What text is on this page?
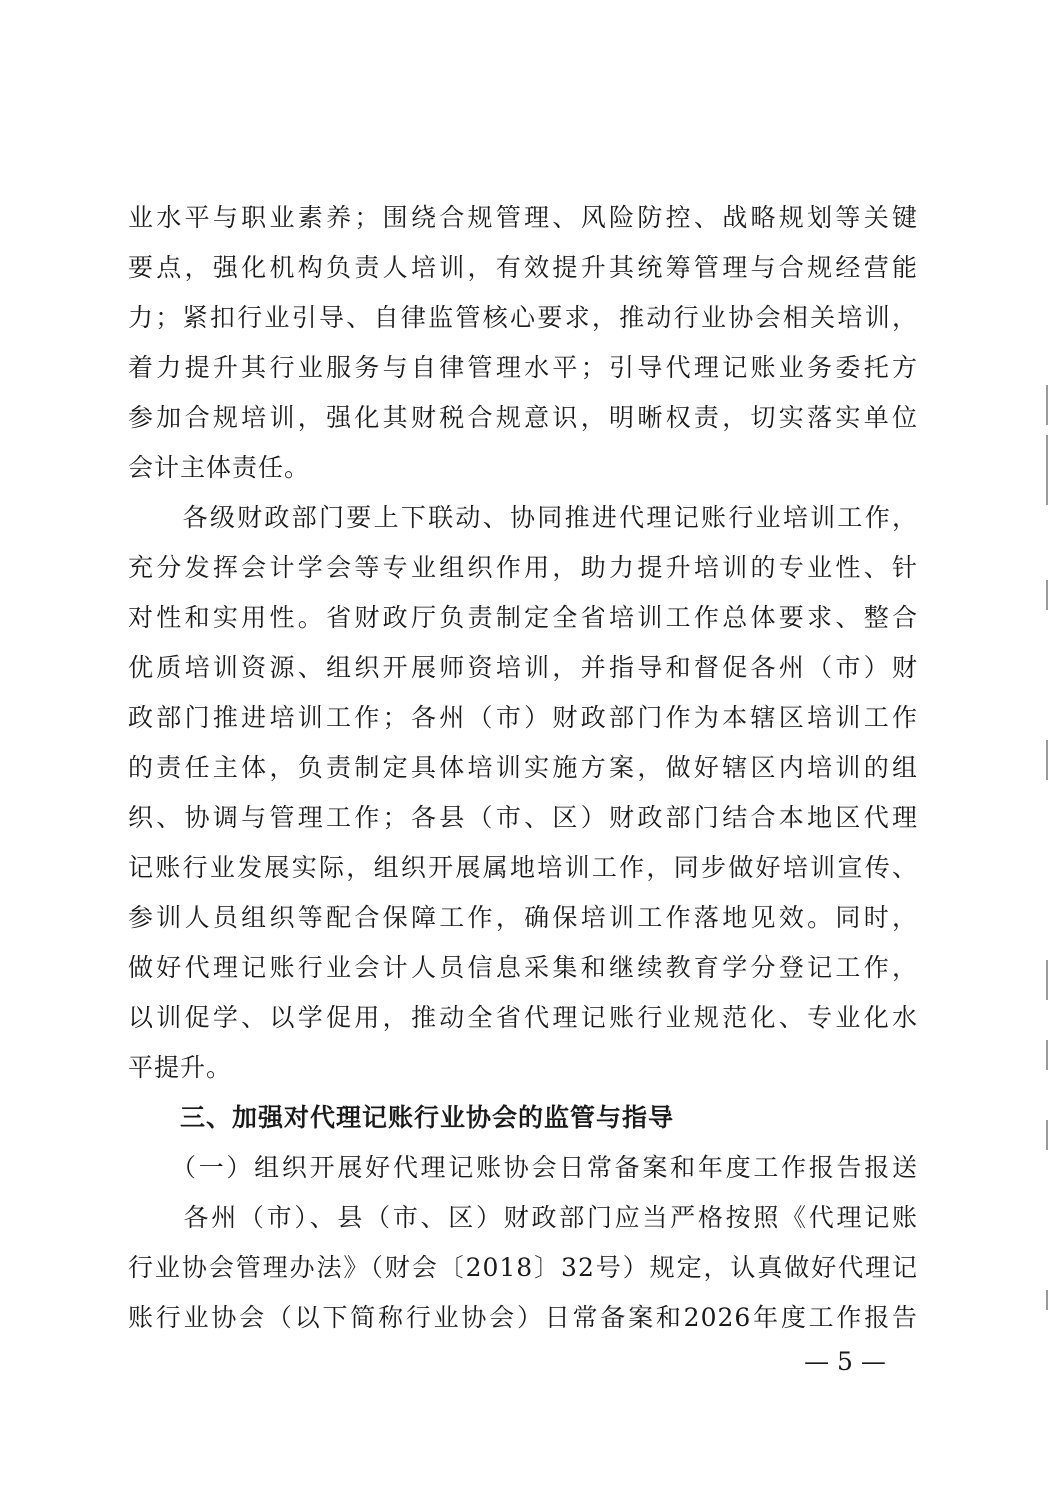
业水平与职业素养；围绕合规管理、风险防控、战略规划等关键
要点，强化机构负责人培训，有效提升其统筹管理与合规经营能
力；紧扣行业引导、自律监管核心要求，推动行业协会相关培训，
着力提升其行业服务与自律管理水平；引导代理记账业务委托方
参加合规培训，强化其财税合规意识，明晰权责，切实落实单位
会计主体责任。
　　各级财政部门要上下联动、协同推进代理记账行业培训工作，
充分发挥会计学会等专业组织作用，助力提升培训的专业性、针
对性和实用性。省财政厅负责制定全省培训工作总体要求、整合
优质培训资源、组织开展师资培训，并指导和督促各州（市）财
政部门推进培训工作；各州（市）财政部门作为本辖区培训工作
的责任主体，负责制定具体培训实施方案，做好辖区内培训的组
织、协调与管理工作；各县（市、区）财政部门结合本地区代理
记账行业发展实际，组织开展属地培训工作，同步做好培训宣传、
参训人员组织等配合保障工作，确保培训工作落地见效。同时，
做好代理记账行业会计人员信息采集和继续教育学分登记工作，
以训促学、以学促用，推动全省代理记账行业规范化、专业化水
平提升。
　　三、加强对代理记账行业协会的监管与指导
　　（一）组织开展好代理记账协会日常备案和年度工作报告报送
　　各州（市）、县（市、区）财政部门应当严格按照《代理记账
行业协会管理办法》（财会〔2018〕32号）规定，认真做好代理记
账行业协会（以下简称行业协会）日常备案和2026年度工作报告
— 5 —
